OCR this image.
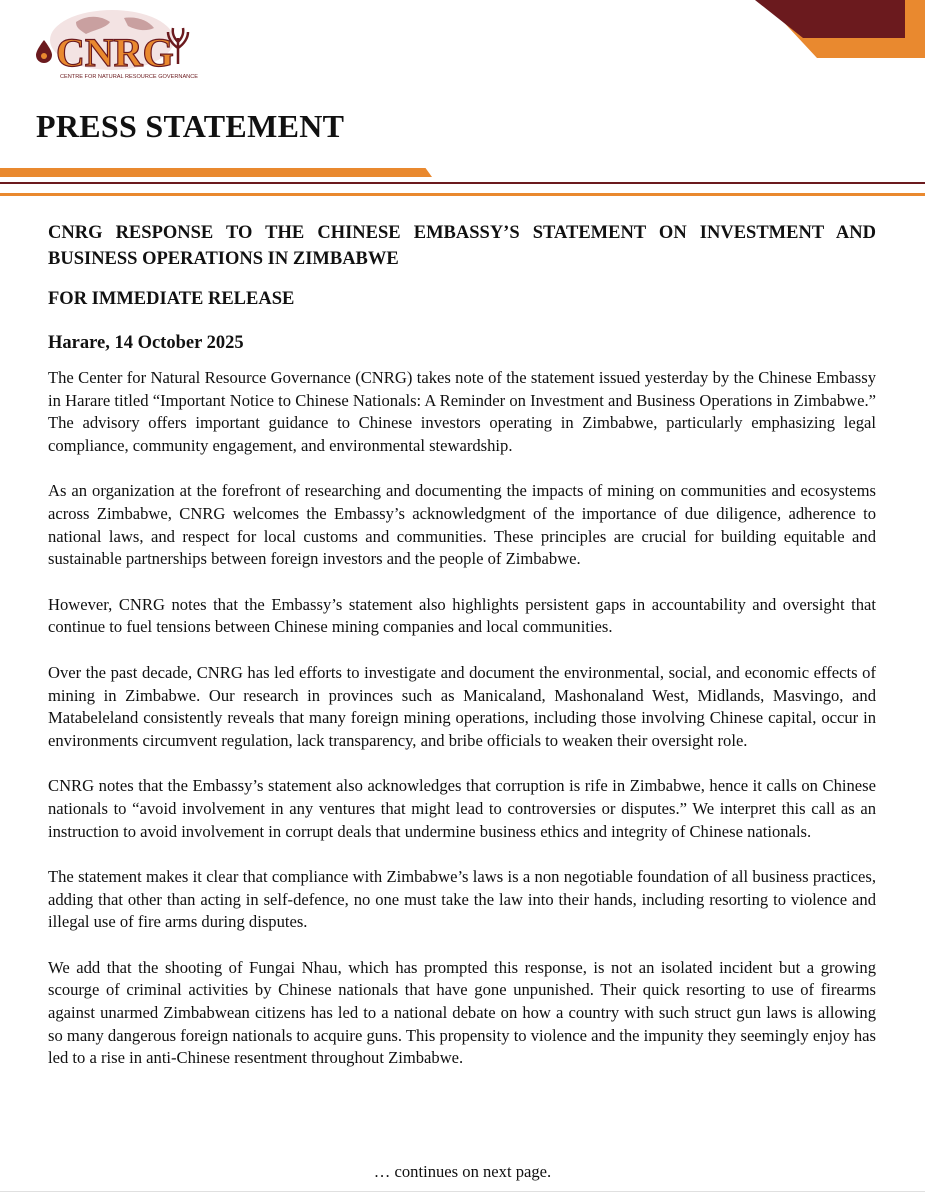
CNRG
CENTRE FOR NATURAL RESOURCE GOVERNANCE
PRESS STATEMENT

CNRG RESPONSE TO THE CHINESE EMBASSY’S STATEMENT ON INVESTMENT AND BUSINESS OPERATIONS IN ZIMBABWE

FOR IMMEDIATE RELEASE

Harare, 14 October 2025

The Center for Natural Resource Governance (CNRG) takes note of the statement issued yesterday by the Chinese Embassy in Harare titled “Important Notice to Chinese Nationals: A Reminder on Investment and Business Operations in Zimbabwe.” The advisory offers important guidance to Chinese investors operating in Zimbabwe, particularly emphasizing legal compliance, community engagement, and environmental stewardship.

As an organization at the forefront of researching and documenting the impacts of mining on communities and ecosystems across Zimbabwe, CNRG welcomes the Embassy’s acknowledgment of the importance of due diligence, adherence to national laws, and respect for local customs and communities. These principles are crucial for building equitable and sustainable partnerships between foreign investors and the people of Zimbabwe.

However, CNRG notes that the Embassy’s statement also highlights persistent gaps in accountability and oversight that continue to fuel tensions between Chinese mining companies and local communities.

Over the past decade, CNRG has led efforts to investigate and document the environmental, social, and economic effects of mining in Zimbabwe. Our research in provinces such as Manicaland, Mashonaland West, Midlands, Masvingo, and Matabeleland consistently reveals that many foreign mining operations, including those involving Chinese capital, occur in environments circumvent regulation, lack transparency, and bribe officials to weaken their oversight role.

CNRG notes that the Embassy’s statement also acknowledges that corruption is rife in Zimbabwe, hence it calls on Chinese nationals to “avoid involvement in any ventures that might lead to controversies or disputes.” We interpret this call as an instruction to avoid involvement in corrupt deals that undermine business ethics and integrity of Chinese nationals.

The statement makes it clear that compliance with Zimbabwe’s laws is a non negotiable foundation of all business practices, adding that other than acting in self-defence, no one must take the law into their hands, including resorting to violence and illegal use of fire arms during disputes.

We add that the shooting of Fungai Nhau, which has prompted this response, is not an isolated incident but a growing scourge of criminal activities by Chinese nationals that have gone unpunished. Their quick resorting to use of firearms against unarmed Zimbabwean citizens has led to a national debate on how a country with such struct gun laws is allowing so many dangerous foreign nationals to acquire guns. This propensity to violence and the impunity they seemingly enjoy has led to a rise in anti-Chinese resentment throughout Zimbabwe.

… continues on next page.
